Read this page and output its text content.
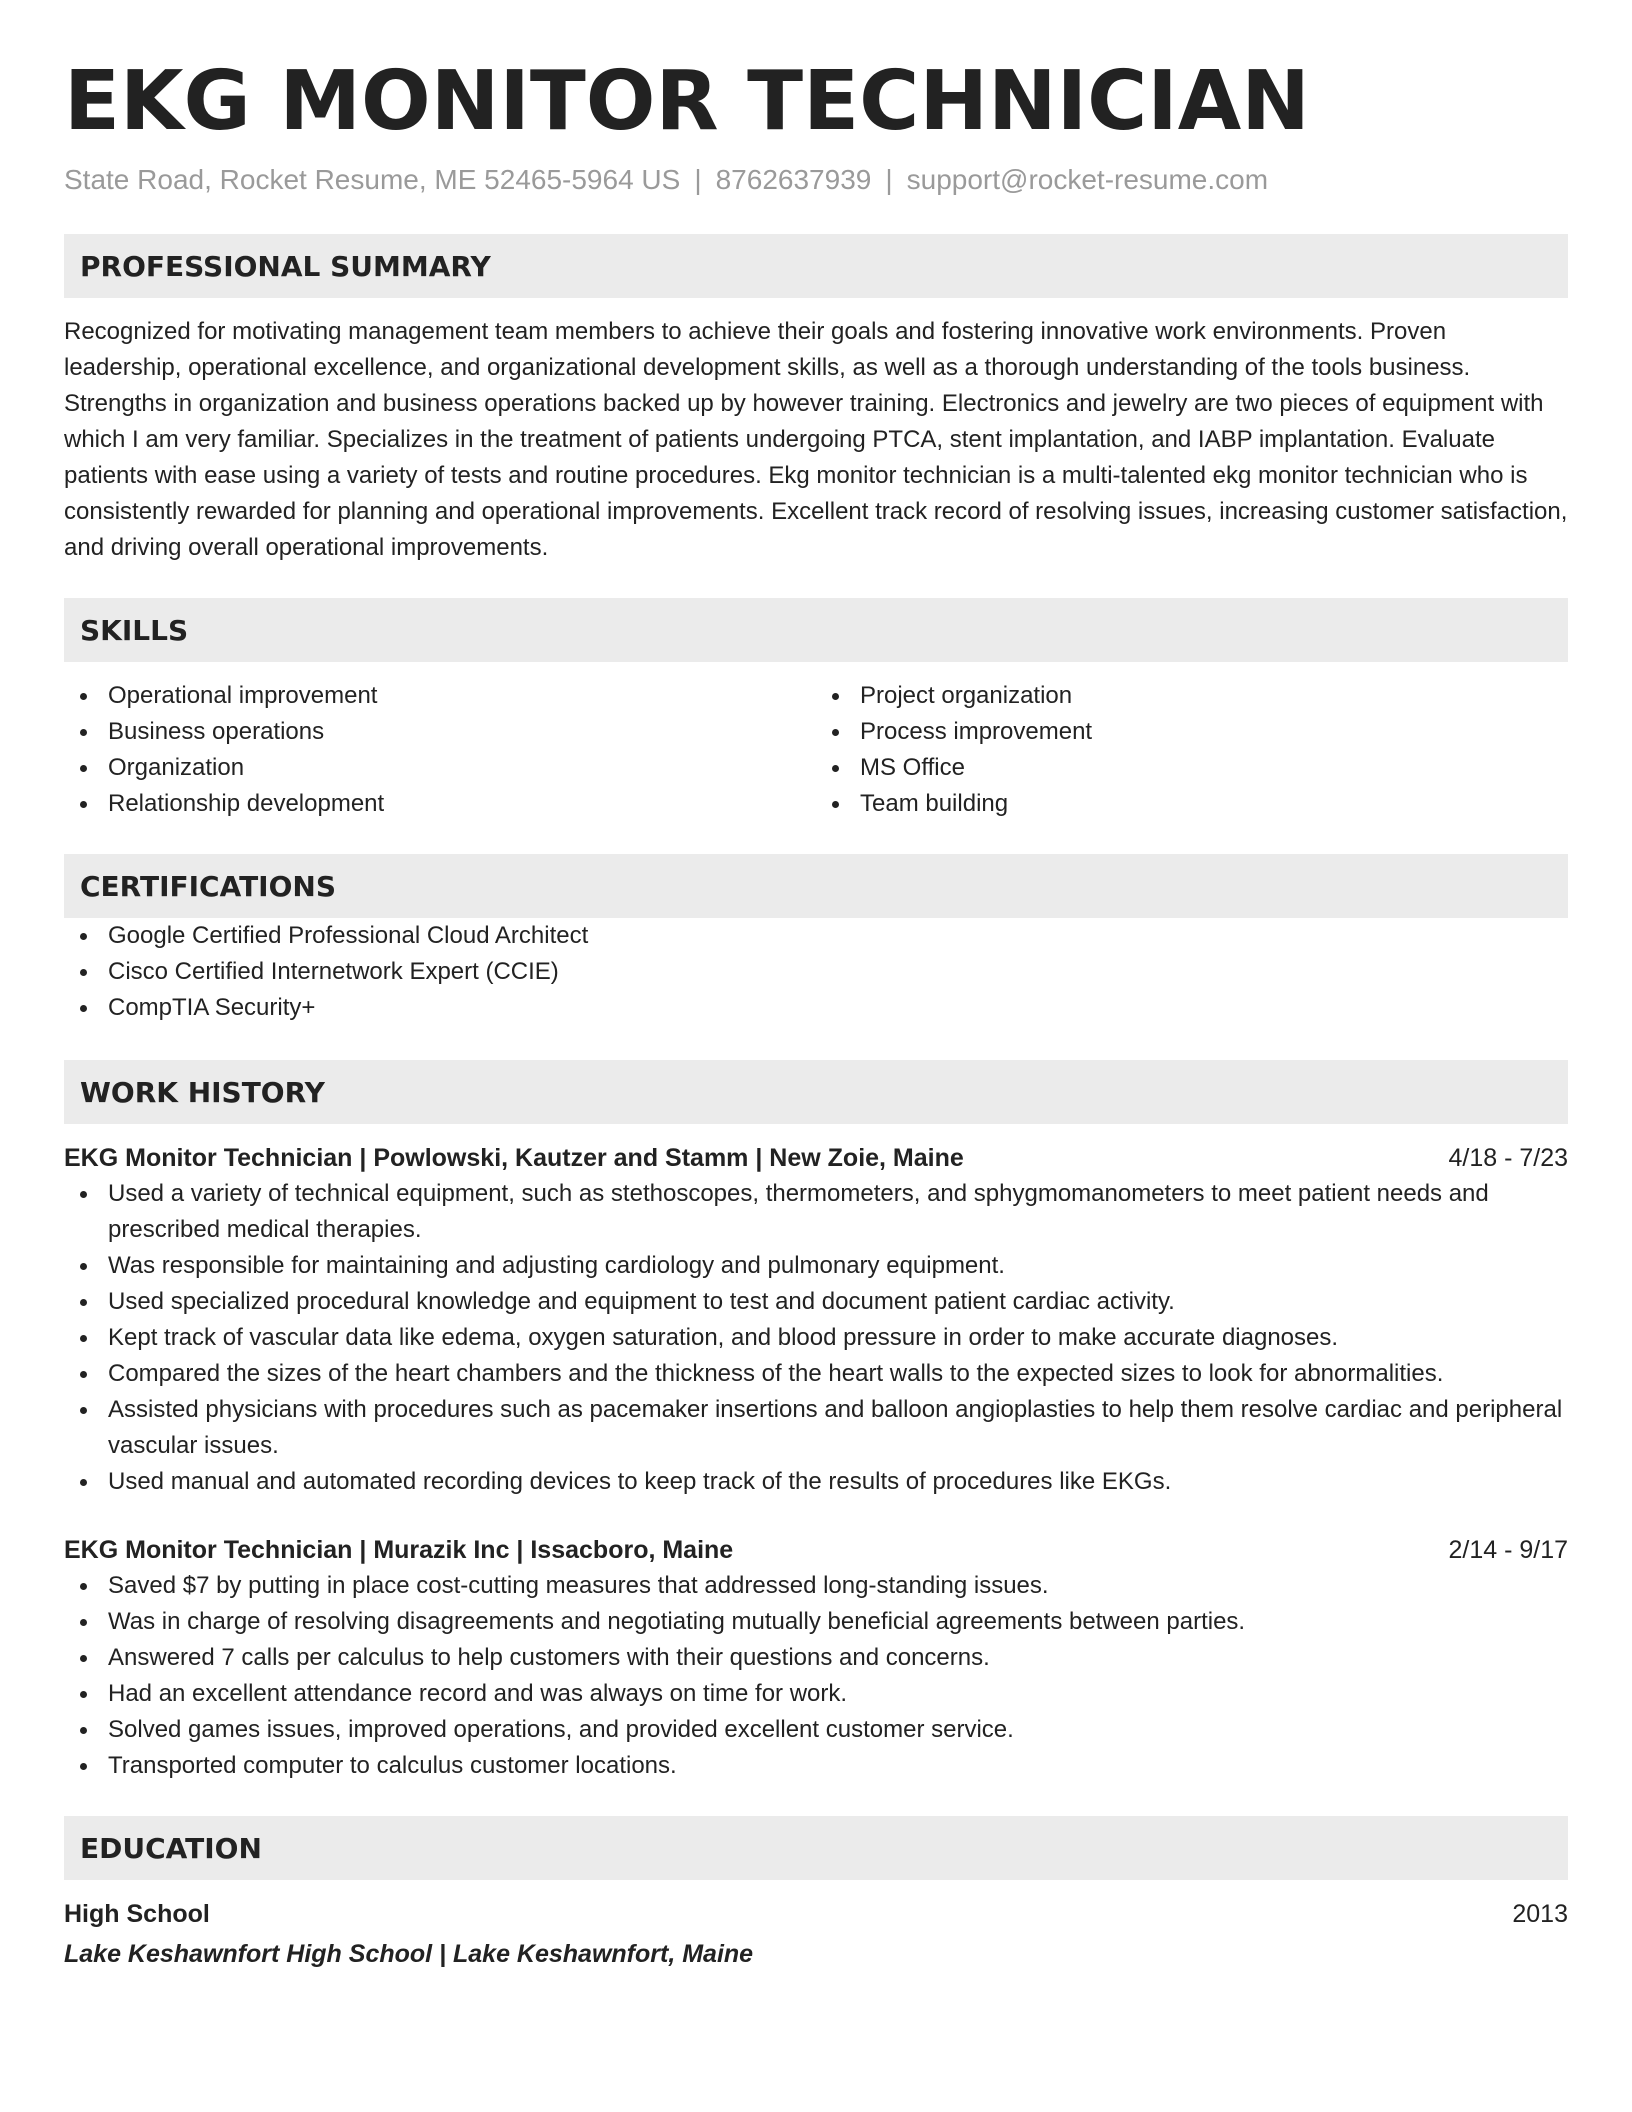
EKG MONITOR TECHNICIAN
State Road, Rocket Resume, ME 52465-5964 US | 8762637939 | support@rocket-resume.com
PROFESSIONAL SUMMARY
Recognized for motivating management team members to achieve their goals and fostering innovative work environments. Proven leadership, operational excellence, and organizational development skills, as well as a thorough understanding of the tools business. Strengths in organization and business operations backed up by however training. Electronics and jewelry are two pieces of equipment with which I am very familiar. Specializes in the treatment of patients undergoing PTCA, stent implantation, and IABP implantation. Evaluate patients with ease using a variety of tests and routine procedures. Ekg monitor technician is a multi-talented ekg monitor technician who is consistently rewarded for planning and operational improvements. Excellent track record of resolving issues, increasing customer satisfaction, and driving overall operational improvements.
SKILLS
Operational improvement
Business operations
Organization
Relationship development
Project organization
Process improvement
MS Office
Team building
CERTIFICATIONS
Google Certified Professional Cloud Architect
Cisco Certified Internetwork Expert (CCIE)
CompTIA Security+
WORK HISTORY
EKG Monitor Technician | Powlowski, Kautzer and Stamm | New Zoie, Maine	4/18 - 7/23
Used a variety of technical equipment, such as stethoscopes, thermometers, and sphygmomanometers to meet patient needs and prescribed medical therapies.
Was responsible for maintaining and adjusting cardiology and pulmonary equipment.
Used specialized procedural knowledge and equipment to test and document patient cardiac activity.
Kept track of vascular data like edema, oxygen saturation, and blood pressure in order to make accurate diagnoses.
Compared the sizes of the heart chambers and the thickness of the heart walls to the expected sizes to look for abnormalities.
Assisted physicians with procedures such as pacemaker insertions and balloon angioplasties to help them resolve cardiac and peripheral vascular issues.
Used manual and automated recording devices to keep track of the results of procedures like EKGs.
EKG Monitor Technician | Murazik Inc | Issacboro, Maine	2/14 - 9/17
Saved $7 by putting in place cost-cutting measures that addressed long-standing issues.
Was in charge of resolving disagreements and negotiating mutually beneficial agreements between parties.
Answered 7 calls per calculus to help customers with their questions and concerns.
Had an excellent attendance record and was always on time for work.
Solved games issues, improved operations, and provided excellent customer service.
Transported computer to calculus customer locations.
EDUCATION
High School	2013
Lake Keshawnfort High School | Lake Keshawnfort, Maine
